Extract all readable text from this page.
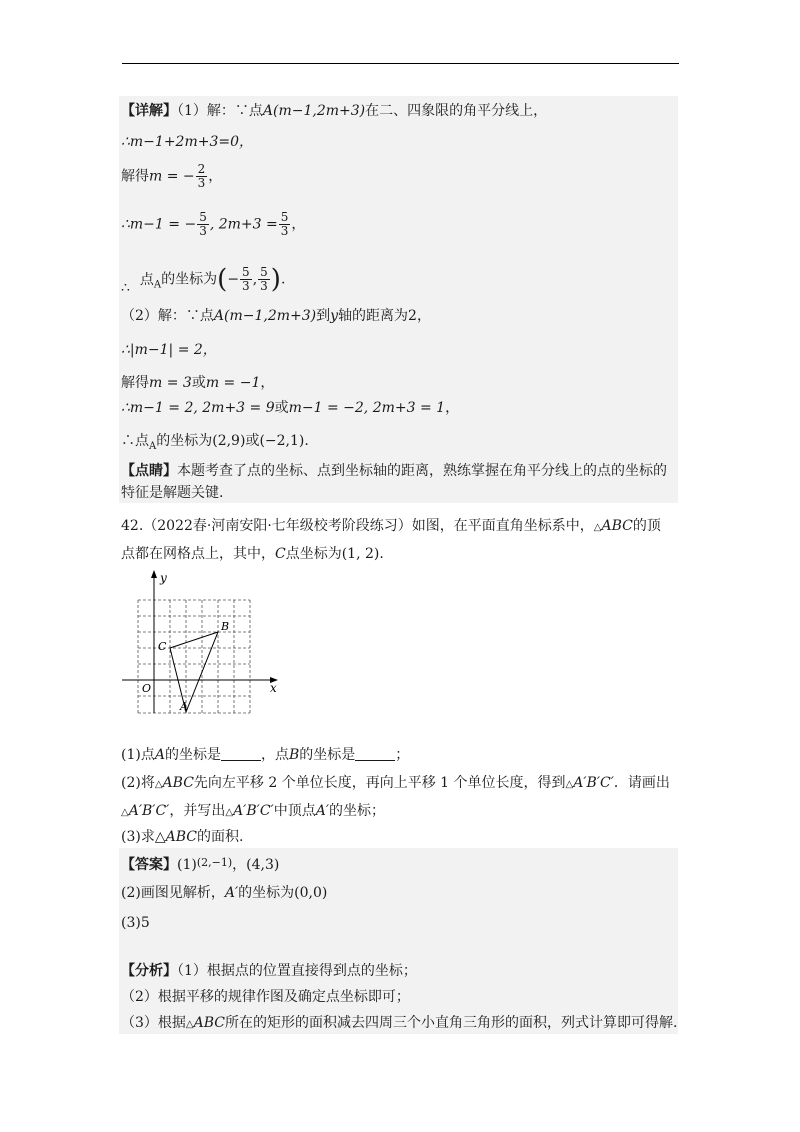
【详解】（1）解：∵点A(m−1,2m+3)在二、四象限的角平分线上，
∴m−1+2m+3=0，
解得m = − $\frac{2}{3}$ ，
∴m−1 = − $\frac{5}{3}$ , $2m+3 = \frac{5}{3}$ ，
∴ 点$_A$的坐标为(− $\frac{5}{3}$ , $\frac{5}{3}$ ).
（2）解：∵点A(m−1,2m+3)到y轴的距离为2，
∴|m−1| = 2，
解得m = 3或m = −1，
∴m−1 = 2, 2m+3 = 9或m−1 = −2, 2m+3 = 1，
∴点$_A$的坐标为(2,9)或(−2,1).
【点睛】本题考查了点的坐标、点到坐标轴的距离，熟练掌握在角平分线上的点的坐标的
特征是解题关键.
42.（2022春·河南安阳·七年级校考阶段练习）如图，在平面直角坐标系中，△ABC的顶
点都在网格点上，其中，C点坐标为(1, 2).
y
x
O
A
B
C
(1)点A的坐标是	，点B的坐标是	；
(2)将△ABC先向左平移 2 个单位长度，再向上平移 1 个单位长度，得到△A′B′C′．请画出
△A′B′C′，并写出△A′B′C′中顶点A′的坐标；
(3)求△ABC的面积.
【答案】$(1)^{(2,-1)}$，(4,3)
(2)画图见解析，A′的坐标为(0,0)
(3)5
【分析】（1）根据点的位置直接得到点的坐标；
（2）根据平移的规律作图及确定点坐标即可；
（3）根据△ABC所在的矩形的面积减去四周三个小直角三角形的面积，列式计算即可得解.
